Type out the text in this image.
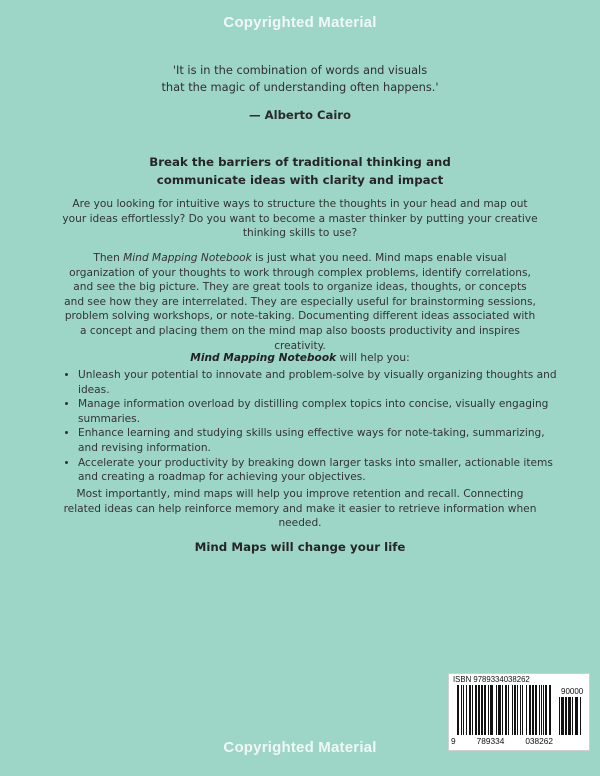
Copyrighted Material
'It is in the combination of words and visuals
that the magic of understanding often happens.'
— Alberto Cairo
Break the barriers of traditional thinking and
communicate ideas with clarity and impact
Are you looking for intuitive ways to structure the thoughts in your head and map out your ideas effortlessly? Do you want to become a master thinker by putting your creative thinking skills to use?
Then Mind Mapping Notebook is just what you need. Mind maps enable visual organization of your thoughts to work through complex problems, identify correlations, and see the big picture. They are great tools to organize ideas, thoughts, or concepts and see how they are interrelated. They are especially useful for brainstorming sessions, problem solving workshops, or note-taking. Documenting different ideas associated with a concept and placing them on the mind map also boosts productivity and inspires creativity.
Mind Mapping Notebook will help you:
• Unleash your potential to innovate and problem-solve by visually organizing thoughts and ideas.
• Manage information overload by distilling complex topics into concise, visually engaging summaries.
• Enhance learning and studying skills using effective ways for note-taking, summarizing, and revising information.
• Accelerate your productivity by breaking down larger tasks into smaller, actionable items and creating a roadmap for achieving your objectives.
Most importantly, mind maps will help you improve retention and recall. Connecting related ideas can help reinforce memory and make it easier to retrieve information when needed.
Mind Maps will change your life
ISBN 9789334038262
90000
9	789334	038262
Copyrighted Material
